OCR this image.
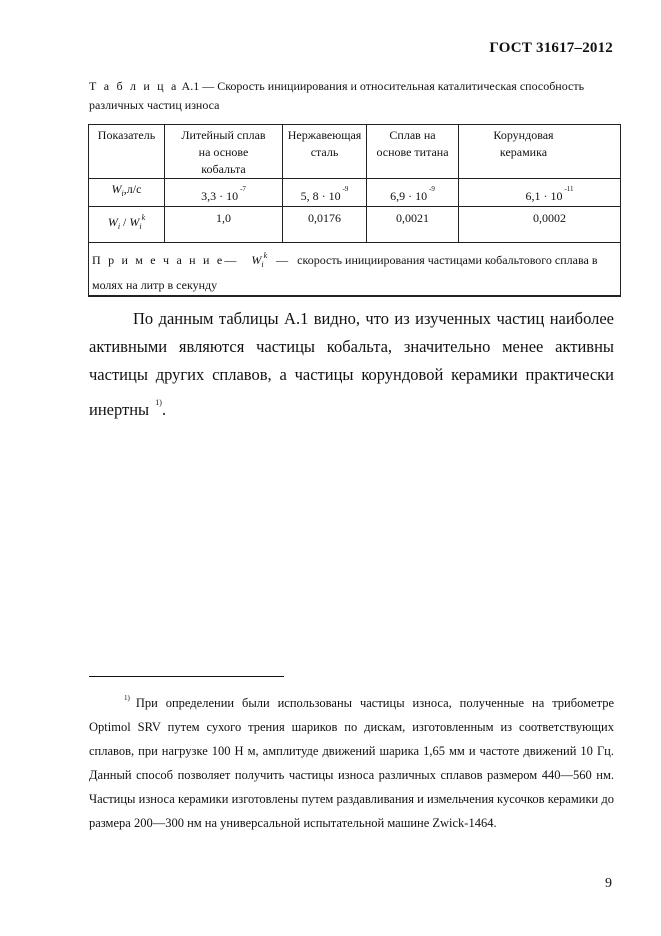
ГОСТ 31617–2012
Т а б л и ц а А.1 — Скорость инициирования и относительная каталитическая способность различных частиц износа
Показатель	Литейный сплав на основе кобальта	Нержавеющая сталь	Сплав на основе титана	Корундовая керамика
$W_i,л/с$	3,3 · 10 $^{-7}$	5, 8 · 10 $^{-9}$	6,9 · 10 $^{-9}$	6,1 · 10 $^{-11}$
$W_i / W_i^k$	1,0	0,0176	0,0021	0,0002

П р и м е ч а н и е— $W_i^k$ — скорость инициирования частицами кобальтового сплава в молях на литр в секунду				
По данным таблицы А.1 видно, что из изученных частиц наиболее активными являются частицы кобальта, значительно менее активны частицы других сплавов, а частицы корундовой керамики практически инертны $^{1)}$.
$^{1)}$ При определении были использованы частицы износа, полученные на трибометре Optimol SRV путем сухого трения шариков по дискам, изготовленным из соответствующих сплавов, при нагрузке 100 Н м, амплитуде движений шарика 1,65 мм и частоте движений 10 Гц. Данный способ позволяет получить частицы износа различных сплавов размером 440—560 нм. Частицы износа керамики изготовлены путем раздавливания и измельчения кусочков керамики до размера 200—300 нм на универсальной испытательной машине Zwick-1464.
9
